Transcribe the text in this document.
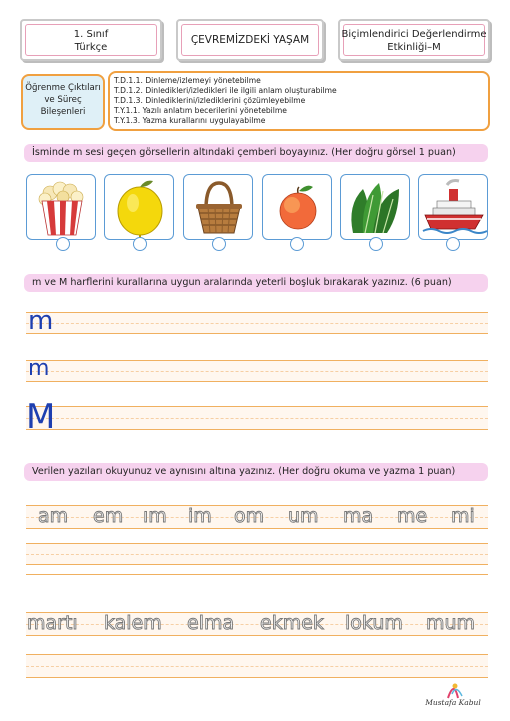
1. Sınıf
Türkçe
ÇEVREMİZDEKİ YAŞAM	Biçimlendirici Değerlendirme
Etkinliği–M
Öğrenme Çıktıları
ve Süreç
Bileşenleri
T.D.1.1. Dinleme/izlemeyi yönetebilme
T.D.1.2. Dinledikleri/izledikleri ile ilgili anlam oluşturabilme
T.D.1.3. Dinlediklerini/izlediklerini çözümleyebilme
T.Y.1.1. Yazılı anlatım becerilerini yönetebilme
T.Y.1.3. Yazma kurallarını uygulayabilme
İsminde m sesi geçen görsellerin altındaki çemberi boyayınız. (Her doğru görsel 1 puan)
m ve M harflerini kurallarına uygun aralarında yeterli boşluk bırakarak yazınız. (6 puan)
m
m
M
Verilen yazıları okuyunuz ve aynısını altına yazınız. (Her doğru okuma ve yazma 1 puan)
am em ım im om um ma me mi
martı kalem elma ekmek lokum mum
Mustafa Kabul
